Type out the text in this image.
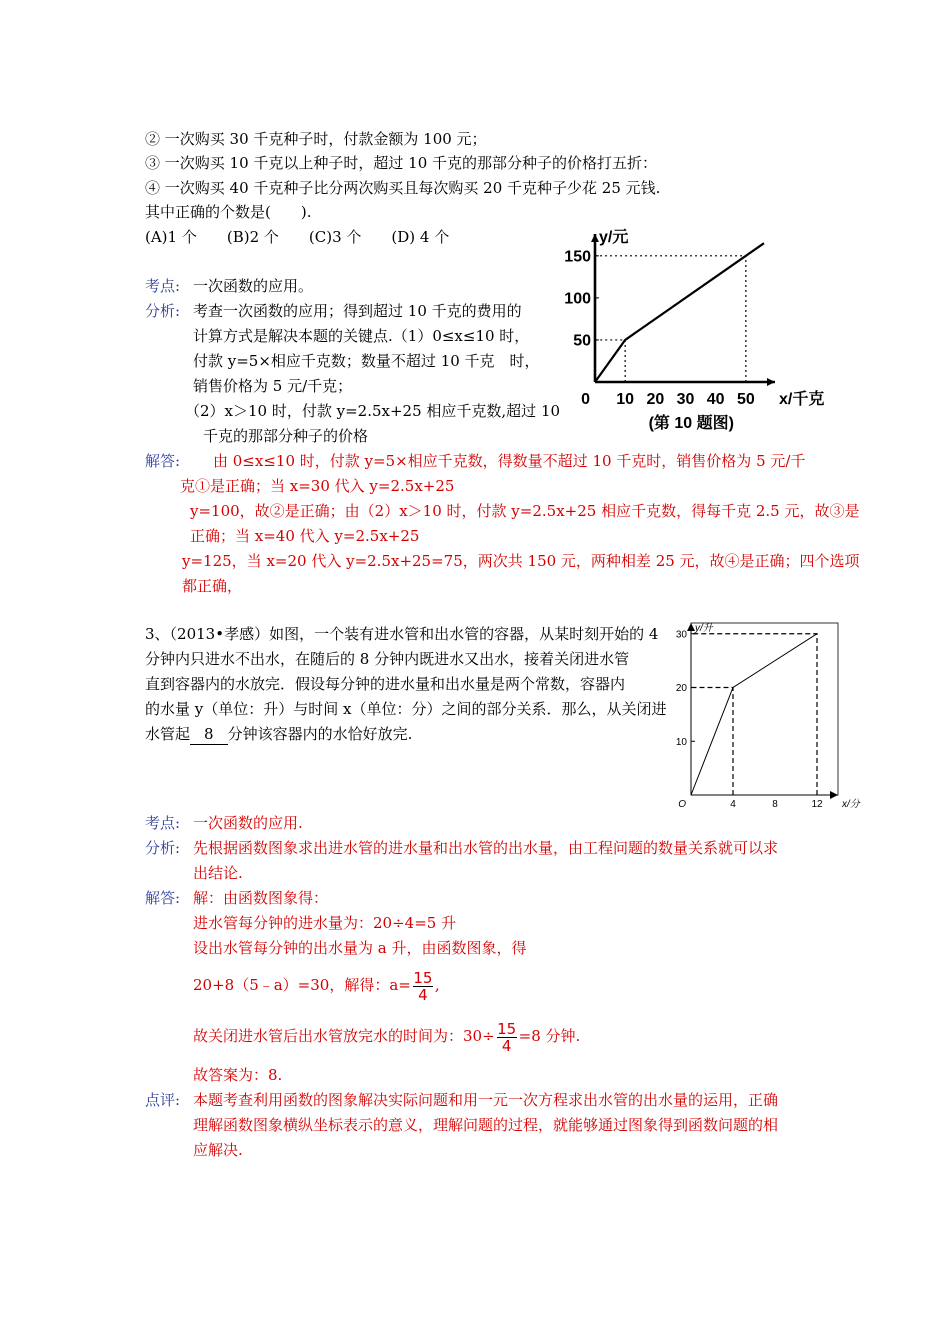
② 一次购买 30 千克种子时，付款金额为 100 元；
③ 一次购买 10 千克以上种子时，超过 10 千克的那部分种子的价格打五折：
④ 一次购买 40 千克种子比分两次购买且每次购买 20 千克种子少花 25 元钱.
其中正确的个数是(　　).
(A)1 个　　(B)2 个　　(C)3 个　　(D) 4 个
考点: 一次函数的应用。
分析: 考查一次函数的应用；得到超过 10 千克的费用的
计算方式是解决本题的关键点.（1）0≤x≤10 时，
付款 y=5×相应千克数；数量不超过 10 千克　时，
销售价格为 5 元/千克；
（2）x＞10 时，付款 y=2.5x+25 相应千克数,超过 10
千克的那部分种子的价格
解答: 由 0≤x≤10 时，付款 y=5×相应千克数，得数量不超过 10 千克时，销售价格为 5 元/千
克①是正确；当 x=30 代入 y=2.5x+25
y=100，故②是正确；由（2）x＞10 时，付款 y=2.5x+25 相应千克数，得每千克 2.5 元，故③是
正确；当 x=40 代入 y=2.5x+25
y=125，当 x=20 代入 y=2.5x+25=75，两次共 150 元，两种相差 25 元，故④是正确；四个选项
都正确，
10 20 30 40 50
50
100
150
0	x/千克
y/元
(第 10 题图)
3、（2013•孝感）如图，一个装有进水管和出水管的容器，从某时刻开始的 4
分钟内只进水不出水，在随后的 8 分钟内既进水又出水，接着关闭进水管
直到容器内的水放完．假设每分钟的进水量和出水量是两个常数，容器内
的水量 y（单位：升）与时间 x（单位：分）之间的部分关系．那么，从关闭进
水管起 8 分钟该容器内的水恰好放完.
4	8	12
10
20
30
O	x/分
y/升
考点: 一次函数的应用.
分析: 先根据函数图象求出进水管的进水量和出水管的出水量，由工程问题的数量关系就可以求
出结论.
解答: 解：由函数图象得：
进水管每分钟的进水量为：20÷4=5 升
设出水管每分钟的出水量为 a 升，由函数图象，得
20+8（5﹣a）=30，解得：$a= \frac{15}{4}$ ,
故关闭进水管后出水管放完水的时间为：$30\div \frac{15}{4} =8$ 分钟.
故答案为：8.
点评: 本题考查利用函数的图象解决实际问题和用一元一次方程求出水管的出水量的运用，正确
理解函数图象横纵坐标表示的意义，理解问题的过程，就能够通过图象得到函数问题的相
应解决.
